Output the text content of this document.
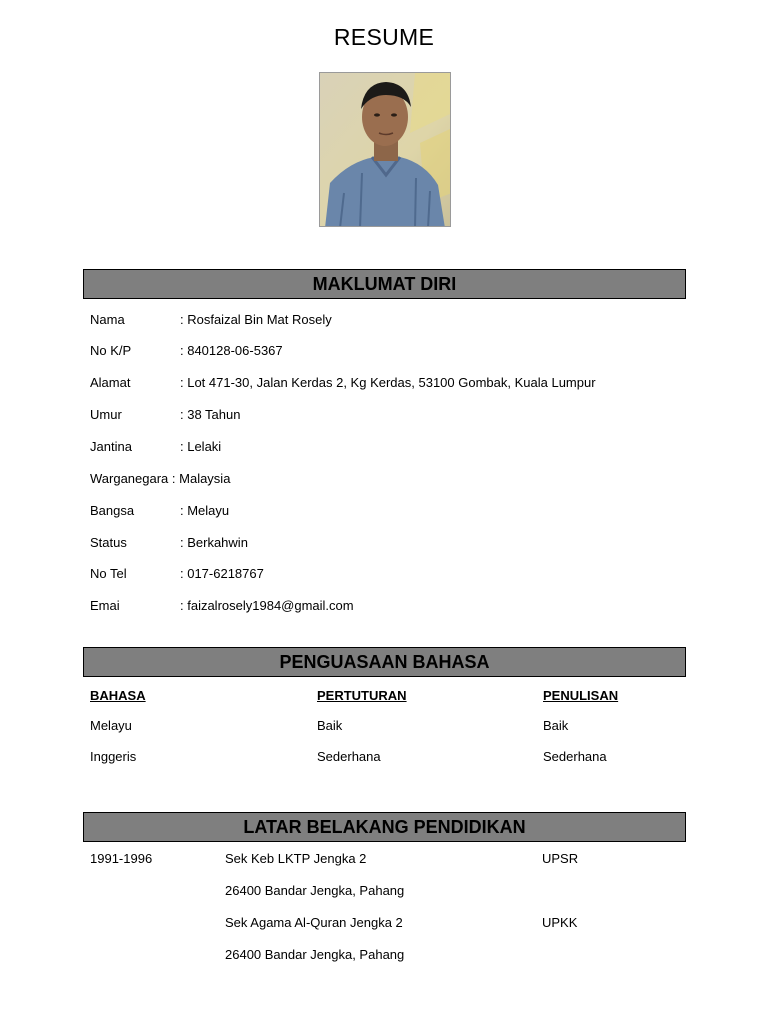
RESUME
MAKLUMAT DIRI
Nama	: Rosfaizal Bin Mat Rosely
No K/P	: 840128-06-5367
Alamat	: Lot 471-30, Jalan Kerdas 2, Kg Kerdas, 53100 Gombak, Kuala Lumpur
Umur	: 38 Tahun
Jantina	: Lelaki
Warganegara : Malaysia
Bangsa	: Melayu
Status	: Berkahwin
No Tel	: 017-6218767
Emai	: faizalrosely1984@gmail.com
PENGUASAAN BAHASA
BAHASA	PERTUTURAN	PENULISAN
Melayu	Baik	Baik
Inggeris	Sederhana	Sederhana
LATAR BELAKANG PENDIDIKAN
1991-1996	Sek Keb LKTP Jengka 2	UPSR
26400 Bandar Jengka, Pahang
Sek Agama Al-Quran Jengka 2	UPKK
26400 Bandar Jengka, Pahang
